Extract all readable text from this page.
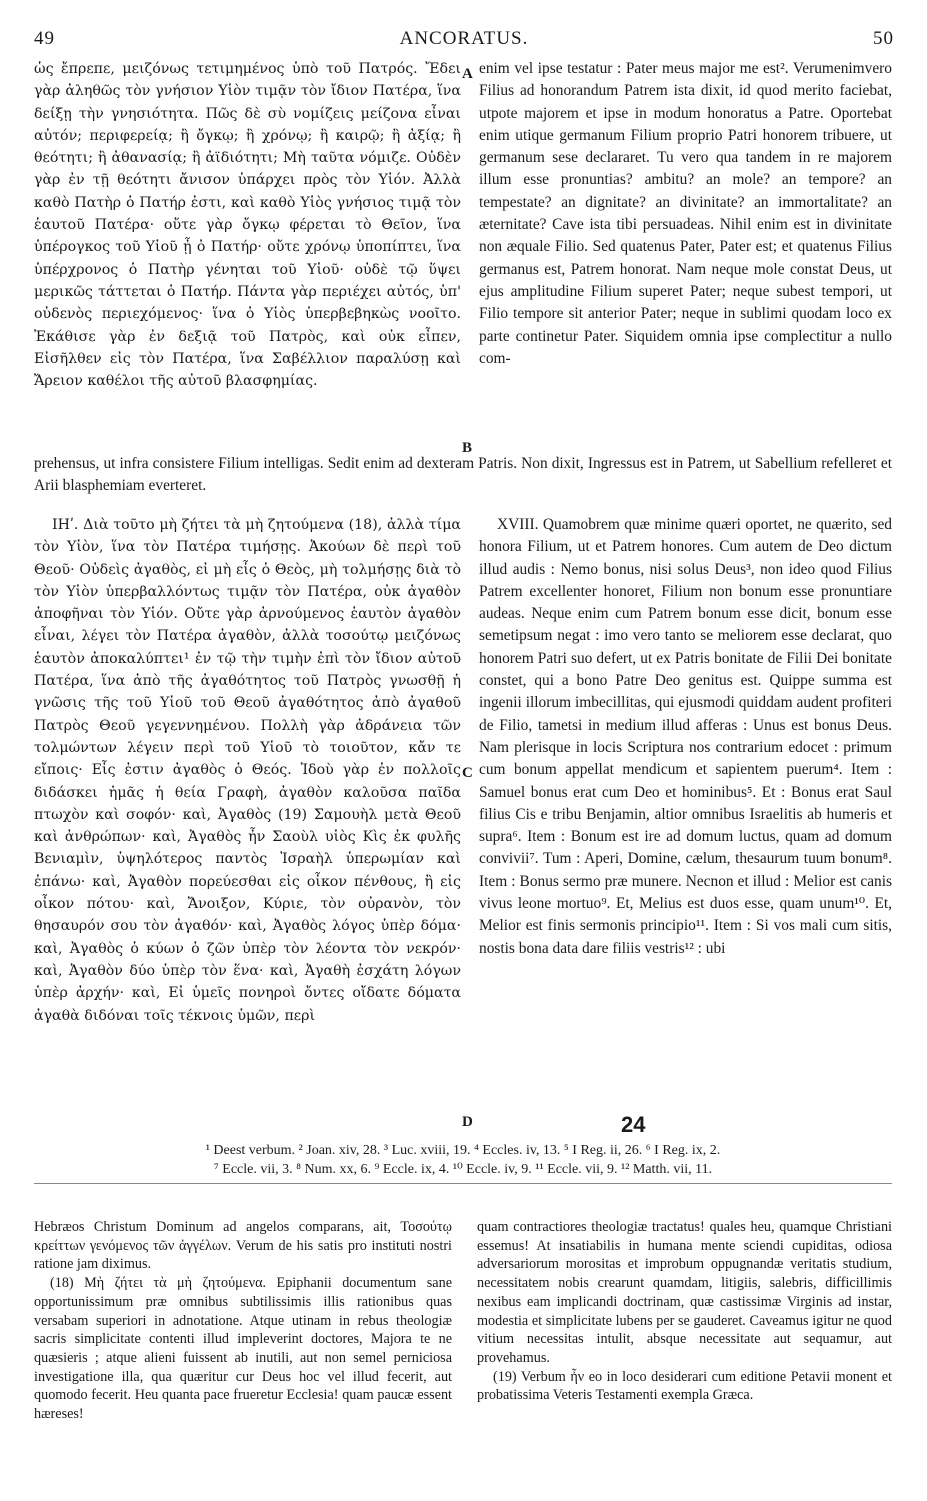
49	ANCORATUS.	50

ὡς ἔπρεπε, μειζόνως τετιμημένος ὑπὸ τοῦ Πατρός. Ἔδει γὰρ ἀληθῶς τὸν γνήσιον Υἱὸν τιμᾷν τὸν ἴδιον Πατέρα, ἵνα δείξῃ τὴν γνησιότητα. Πῶς δὲ σὺ νομίζεις μείζονα εἶναι αὐτόν; περιφερείᾳ; ἢ ὄγκῳ; ἢ χρόνῳ; ἢ καιρῷ; ἢ ἀξίᾳ; ἢ θεότητι; ἢ ἀθανασίᾳ; ἢ ἀϊδιότητι; Μὴ ταῦτα νόμιζε. Οὐδὲν γὰρ ἐν τῇ θεότητι ἄνισον ὑπάρχει πρὸς τὸν Υἱόν. Ἀλλὰ καθὸ Πατὴρ ὁ Πατήρ ἐστι, καὶ καθὸ Υἱὸς γνήσιος τιμᾷ τὸν ἑαυτοῦ Πατέρα· οὔτε γὰρ ὄγκῳ φέρεται τὸ Θεῖον, ἵνα ὑπέρογκος τοῦ Υἱοῦ ᾖ ὁ Πατήρ· οὔτε χρόνῳ ὑποπίπτει, ἵνα ὑπέρχρονος ὁ Πατὴρ γένηται τοῦ Υἱοῦ· οὐδὲ τῷ ὕψει μερικῶς τάττεται ὁ Πατήρ. Πάντα γὰρ περιέχει αὐτός, ὑπ' οὐδενὸς περιεχόμενος· ἵνα ὁ Υἱὸς ὑπερβεβηκὼς νοοῖτο. Ἐκάθισε γὰρ ἐν δεξιᾷ τοῦ Πατρὸς, καὶ οὐκ εἶπεν, Εἰσῆλθεν εἰς τὸν Πατέρα, ἵνα Σαβέλλιον παραλύσῃ καὶ Ἄρειον καθέλοι τῆς αὐτοῦ βλασφημίας.

enim vel ipse testatur : Pater meus major me est². Verumenimvero Filius ad honorandum Patrem ista dixit, id quod merito faciebat, utpote majorem et ipse in modum honoratus a Patre. Oportebat enim utique germanum Filium proprio Patri honorem tribuere, ut germanum sese declararet. Tu vero qua tandem in re majorem illum esse pronuntias? ambitu? an mole? an tempore? an tempestate? an dignitate? an divinitate? an immortalitate? an æternitate? Cave ista tibi persuadeas. Nihil enim est in divinitate non æquale Filio. Sed quatenus Pater, Pater est; et quatenus Filius germanus est, Patrem honorat. Nam neque mole constat Deus, ut ejus amplitudine Filium superet Pater; neque subest tempori, ut Filio tempore sit anterior Pater; neque in sublimi quodam loco ex parte continetur Pater. Siquidem omnia ipse complectitur a nullo com-

A
B
C
D

prehensus, ut infra consistere Filium intelligas. Sedit enim ad dexteram Patris. Non dixit, Ingressus est in Patrem, ut Sabellium refelleret et Arii blasphemiam everteret.

ΙΗʹ. Διὰ τοῦτο μὴ ζήτει τὰ μὴ ζητούμενα (18), ἀλλὰ τίμα τὸν Υἱὸν, ἵνα τὸν Πατέρα τιμήσῃς. Ἀκούων δὲ περὶ τοῦ Θεοῦ· Οὐδεὶς ἀγαθὸς, εἰ μὴ εἷς ὁ Θεὸς, μὴ τολμήσῃς διὰ τὸ τὸν Υἱὸν ὑπερβαλλόντως τιμᾷν τὸν Πατέρα, οὐκ ἀγαθὸν ἀποφῆναι τὸν Υἱόν. Οὔτε γὰρ ἀρνούμενος ἑαυτὸν ἀγαθὸν εἶναι, λέγει τὸν Πατέρα ἀγαθὸν, ἀλλὰ τοσούτῳ μειζόνως ἑαυτὸν ἀποκαλύπτει¹ ἐν τῷ τὴν τιμὴν ἐπὶ τὸν ἴδιον αὐτοῦ Πατέρα, ἵνα ἀπὸ τῆς ἀγαθότητος τοῦ Πατρὸς γνωσθῇ ἡ γνῶσις τῆς τοῦ Υἱοῦ τοῦ Θεοῦ ἀγαθότητος ἀπὸ ἀγαθοῦ Πατρὸς Θεοῦ γεγεννημένου. Πολλὴ γὰρ ἀδράνεια τῶν τολμώντων λέγειν περὶ τοῦ Υἱοῦ τὸ τοιοῦτον, κἄν τε εἴποις· Εἷς ἐστιν ἀγαθὸς ὁ Θεός. Ἰδοὺ γὰρ ἐν πολλοῖς διδάσκει ἡμᾶς ἡ θεία Γραφὴ, ἀγαθὸν καλοῦσα παῖδα πτωχὸν καὶ σοφόν· καὶ, Ἀγαθὸς (19) Σαμουὴλ μετὰ Θεοῦ καὶ ἀνθρώπων· καὶ, Ἀγαθὸς ἦν Σαοὺλ υἱὸς Κὶς ἐκ φυλῆς Βενιαμὶν, ὑψηλότερος παντὸς Ἰσραὴλ ὑπερωμίαν καὶ ἐπάνω· καὶ, Ἀγαθὸν πορεύεσθαι εἰς οἶκον πένθους, ἢ εἰς οἶκον πότου· καὶ, Ἄνοιξον, Κύριε, τὸν οὐρανὸν, τὸν θησαυρόν σου τὸν ἀγαθόν· καὶ, Ἀγαθὸς λόγος ὑπὲρ δόμα· καὶ, Ἀγαθὸς ὁ κύων ὁ ζῶν ὑπὲρ τὸν λέοντα τὸν νεκρόν· καὶ, Ἀγαθὸν δύο ὑπὲρ τὸν ἕνα· καὶ, Ἀγαθὴ ἐσχάτη λόγων ὑπὲρ ἀρχήν· καὶ, Εἰ ὑμεῖς πονηροὶ ὄντες οἴδατε δόματα ἀγαθὰ διδόναι τοῖς τέκνοις ὑμῶν, περὶ

XVIII. Quamobrem quæ minime quæri oportet, ne quærito, sed honora Filium, ut et Patrem honores. Cum autem de Deo dictum illud audis : Nemo bonus, nisi solus Deus³, non ideo quod Filius Patrem excellenter honoret, Filium non bonum esse pronuntiare audeas. Neque enim cum Patrem bonum esse dicit, bonum esse semetipsum negat : imo vero tanto se meliorem esse declarat, quo honorem Patri suo defert, ut ex Patris bonitate de Filii Dei bonitate constet, qui a bono Patre Deo genitus est. Quippe summa est ingenii illorum imbecillitas, qui ejusmodi quiddam audent profiteri de Filio, tametsi in medium illud afferas : Unus est bonus Deus. Nam plerisque in locis Scriptura nos contrarium edocet : primum cum bonum appellat mendicum et sapientem puerum⁴. Item : Samuel bonus erat cum Deo et hominibus⁵. Et : Bonus erat Saul filius Cis e tribu Benjamin, altior omnibus Israelitis ab humeris et supra⁶. Item : Bonum est ire ad domum luctus, quam ad domum convivii⁷. Tum : Aperi, Domine, cælum, thesaurum tuum bonum⁸. Item : Bonus sermo præ munere. Necnon et illud : Melior est canis vivus leone mortuo⁹. Et, Melius est duos esse, quam unum¹⁰. Et, Melior est finis sermonis principio¹¹. Item : Si vos mali cum sitis, nostis bona data dare filiis vestris¹² : ubi

24
¹ Deest verbum. ² Joan. xiv, 28. ³ Luc. xviii, 19. ⁴ Eccles. iv, 13. ⁵ I Reg. ii, 26. ⁶ I Reg. ix, 2.
⁷ Eccle. vii, 3. ⁸ Num. xx, 6. ⁹ Eccle. ix, 4. ¹⁰ Eccle. iv, 9. ¹¹ Eccle. vii, 9. ¹² Matth. vii, 11.

Hebræos Christum Dominum ad angelos comparans, ait, Τοσούτῳ κρείττων γενόμενος τῶν ἀγγέλων. Verum de his satis pro instituti nostri ratione jam diximus.

(18) Μὴ ζήτει τὰ μὴ ζητούμενα. Epiphanii documentum sane opportunissimum præ omnibus subtilissimis illis rationibus quas versabam superiori in adnotatione. Atque utinam in rebus theologiæ sacris simplicitate contenti illud impleverint doctores, Majora te ne quæsieris ; atque alieni fuissent ab inutili, aut non semel perniciosa investigatione illa, qua quæritur cur Deus hoc vel illud fecerit, aut quomodo fecerit. Heu quanta pace frueretur Ecclesia! quam paucæ essent hæreses!

quam contractiores theologiæ tractatus! quales heu, quamque Christiani essemus! At insatiabilis in humana mente sciendi cupiditas, odiosa adversariorum morositas et improbum oppugnandæ veritatis studium, necessitatem nobis crearunt quamdam, litigiis, salebris, difficillimis nexibus eam implicandi doctrinam, quæ castissimæ Virginis ad instar, modestia et simplicitate lubens per se gauderet. Caveamus igitur ne quod vitium necessitas intulit, absque necessitate aut sequamur, aut provehamus.

(19) Verbum ἦν eo in loco desiderari cum editione Petavii monent et probatissima Veteris Testamenti exempla Græca.
